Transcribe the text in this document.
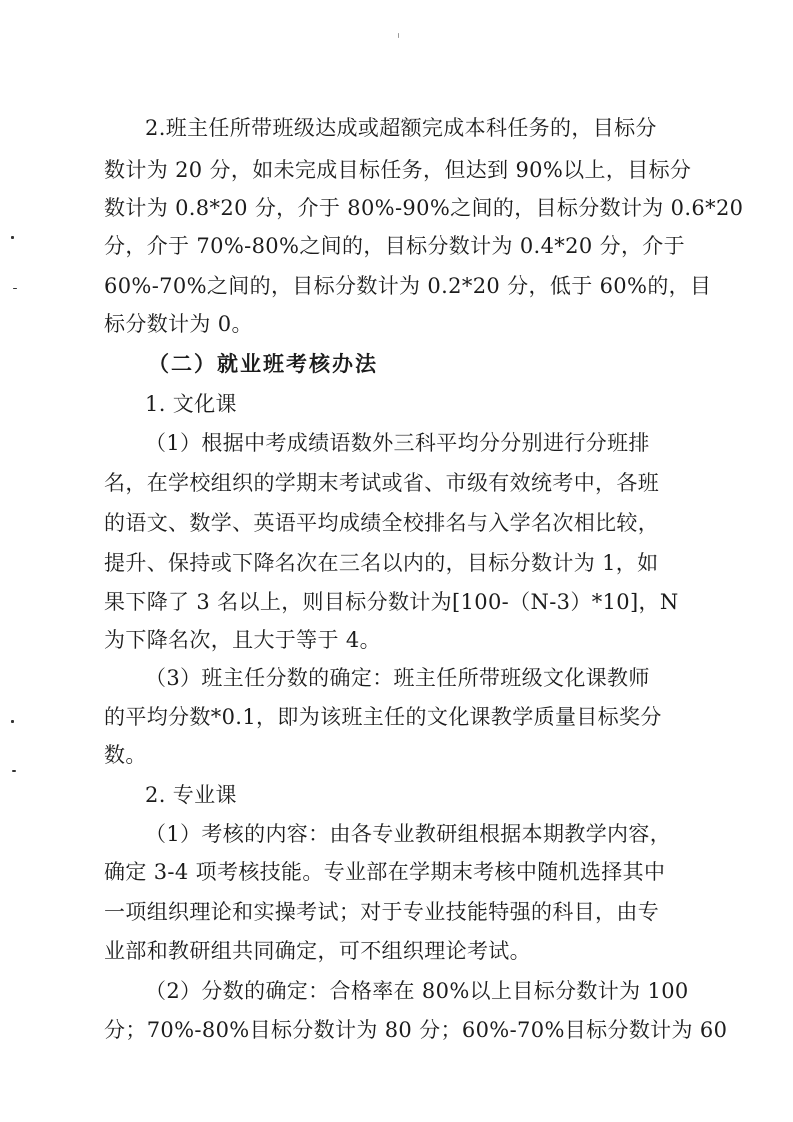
2.班主任所带班级达成或超额完成本科任务的，目标分
数计为 20 分，如未完成目标任务，但达到 90%以上，目标分
数计为 0.8*20 分，介于 80%-90%之间的，目标分数计为 0.6*20
分，介于 70%-80%之间的，目标分数计为 0.4*20 分，介于
60%-70%之间的，目标分数计为 0.2*20 分，低于 60%的，目
标分数计为 0。
（二）就业班考核办法
1. 文化课
（1）根据中考成绩语数外三科平均分分别进行分班排
名，在学校组织的学期末考试或省、市级有效统考中，各班
的语文、数学、英语平均成绩全校排名与入学名次相比较，
提升、保持或下降名次在三名以内的，目标分数计为 1，如
果下降了 3 名以上，则目标分数计为[100-（N-3）*10]，N
为下降名次，且大于等于 4。
（3）班主任分数的确定：班主任所带班级文化课教师
的平均分数*0.1，即为该班主任的文化课教学质量目标奖分
数。
2. 专业课
（1）考核的内容：由各专业教研组根据本期教学内容，
确定 3-4 项考核技能。专业部在学期末考核中随机选择其中
一项组织理论和实操考试；对于专业技能特强的科目，由专
业部和教研组共同确定，可不组织理论考试。
（2）分数的确定：合格率在 80%以上目标分数计为 100
分；70%-80%目标分数计为 80 分；60%-70%目标分数计为 60
